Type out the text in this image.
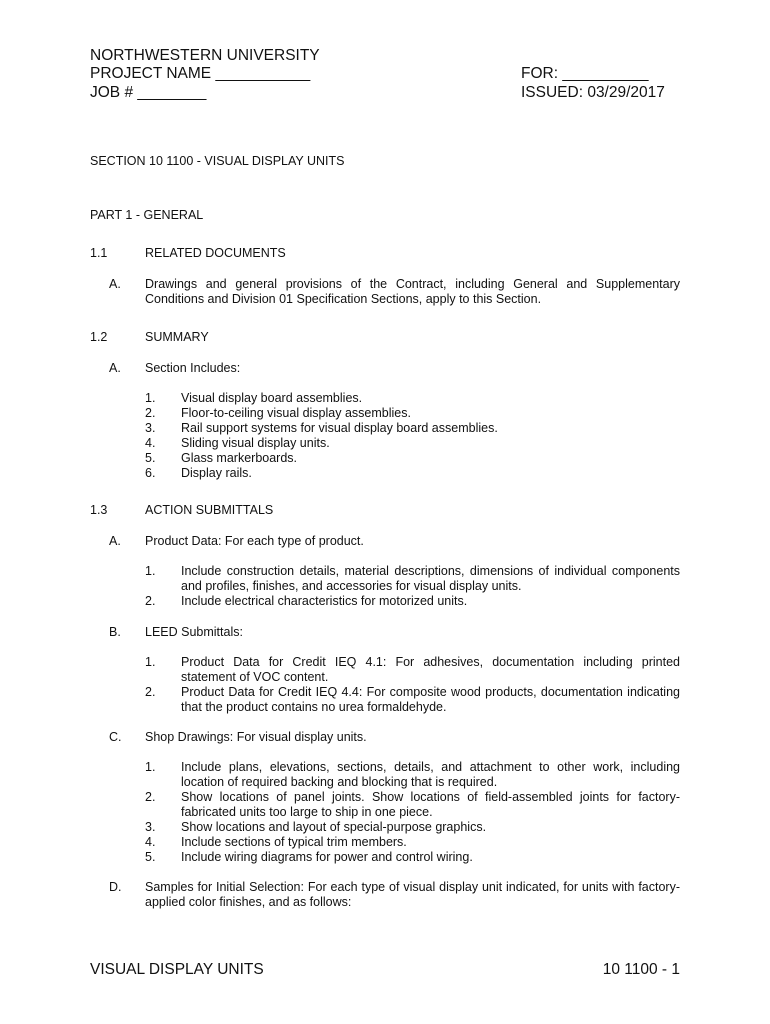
NORTHWESTERN UNIVERSITY
PROJECT NAME ___________
JOB # ________
FOR: __________
ISSUED: 03/29/2017
SECTION 10 1100 - VISUAL DISPLAY UNITS
PART 1 - GENERAL
1.1	RELATED DOCUMENTS
A. Drawings and general provisions of the Contract, including General and Supplementary Conditions and Division 01 Specification Sections, apply to this Section.
1.2	SUMMARY
A. Section Includes:
1. Visual display board assemblies.
2. Floor-to-ceiling visual display assemblies.
3. Rail support systems for visual display board assemblies.
4. Sliding visual display units.
5. Glass markerboards.
6. Display rails.
1.3	ACTION SUBMITTALS
A. Product Data: For each type of product.
1. Include construction details, material descriptions, dimensions of individual components and profiles, finishes, and accessories for visual display units.
2. Include electrical characteristics for motorized units.
B. LEED Submittals:
1. Product Data for Credit IEQ 4.1: For adhesives, documentation including printed statement of VOC content.
2. Product Data for Credit IEQ 4.4: For composite wood products, documentation indicating that the product contains no urea formaldehyde.
C. Shop Drawings: For visual display units.
1. Include plans, elevations, sections, details, and attachment to other work, including location of required backing and blocking that is required.
2. Show locations of panel joints. Show locations of field-assembled joints for factory-fabricated units too large to ship in one piece.
3. Show locations and layout of special-purpose graphics.
4. Include sections of typical trim members.
5. Include wiring diagrams for power and control wiring.
D. Samples for Initial Selection: For each type of visual display unit indicated, for units with factory-applied color finishes, and as follows:
VISUAL DISPLAY UNITS	10 1100 - 1
